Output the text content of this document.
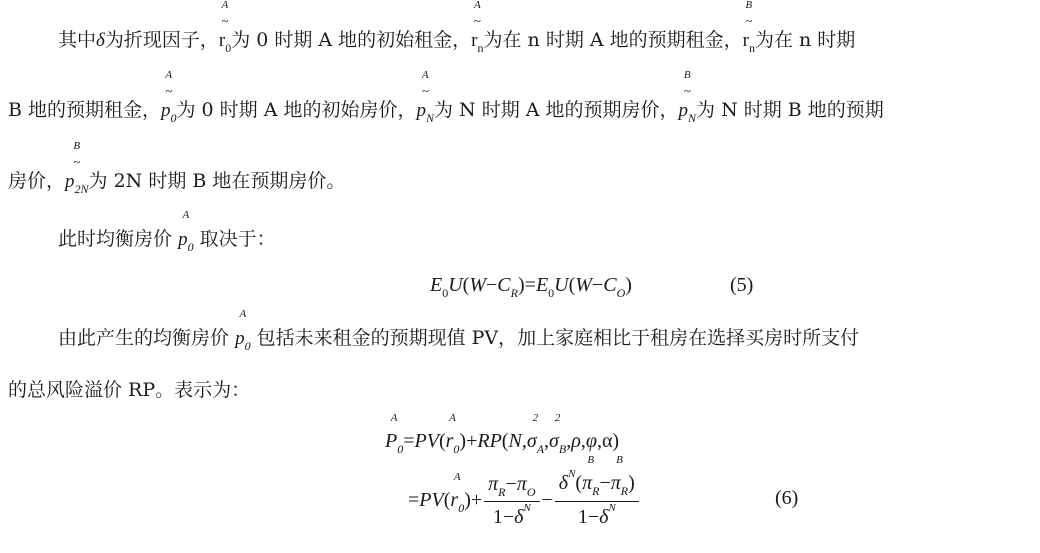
其中δ为折现因子，
A
~
$r_0$为 0 时期 A 地的初始租金，
A
~
$r_n$为在 n 时期 A 地的预期租金，
B
~
$r_n$为在 n 时期
B 地的预期租金，
A
~
$p_0$为 0 时期 A 地的初始房价，
A
~
$p_N$为 N 时期 A 地的预期房价，
B
~
$p_N$为 N 时期 B 地的预期
房价，
B
~
$p_{2N}$为 2N 时期 B 地在预期房价。
此时均衡房价
A
$p_0$ 取决于：
$E_0U(W-C_R)=E_0U(W-C_O)$	(5)
由此产生的均衡房价
A
$p_0$ 包括未来租金的预期现值 PV，加上家庭相比于租房在选择买房时所支付
的总风险溢价 RP。表示为：
A
$P_0=PV$(
A
$r_0)+RP(N$,
2
$\sigma_A$,
2
$\sigma_B,\rho,\varphi,\alpha$)
=PV(
A
$r_0)+ \frac{\pi_R-\pi_O}{1-\delta^N} - \delta^N$(
B
$\pi_R-$
B
$\pi_R$)
$1-\delta^N$	(6)
